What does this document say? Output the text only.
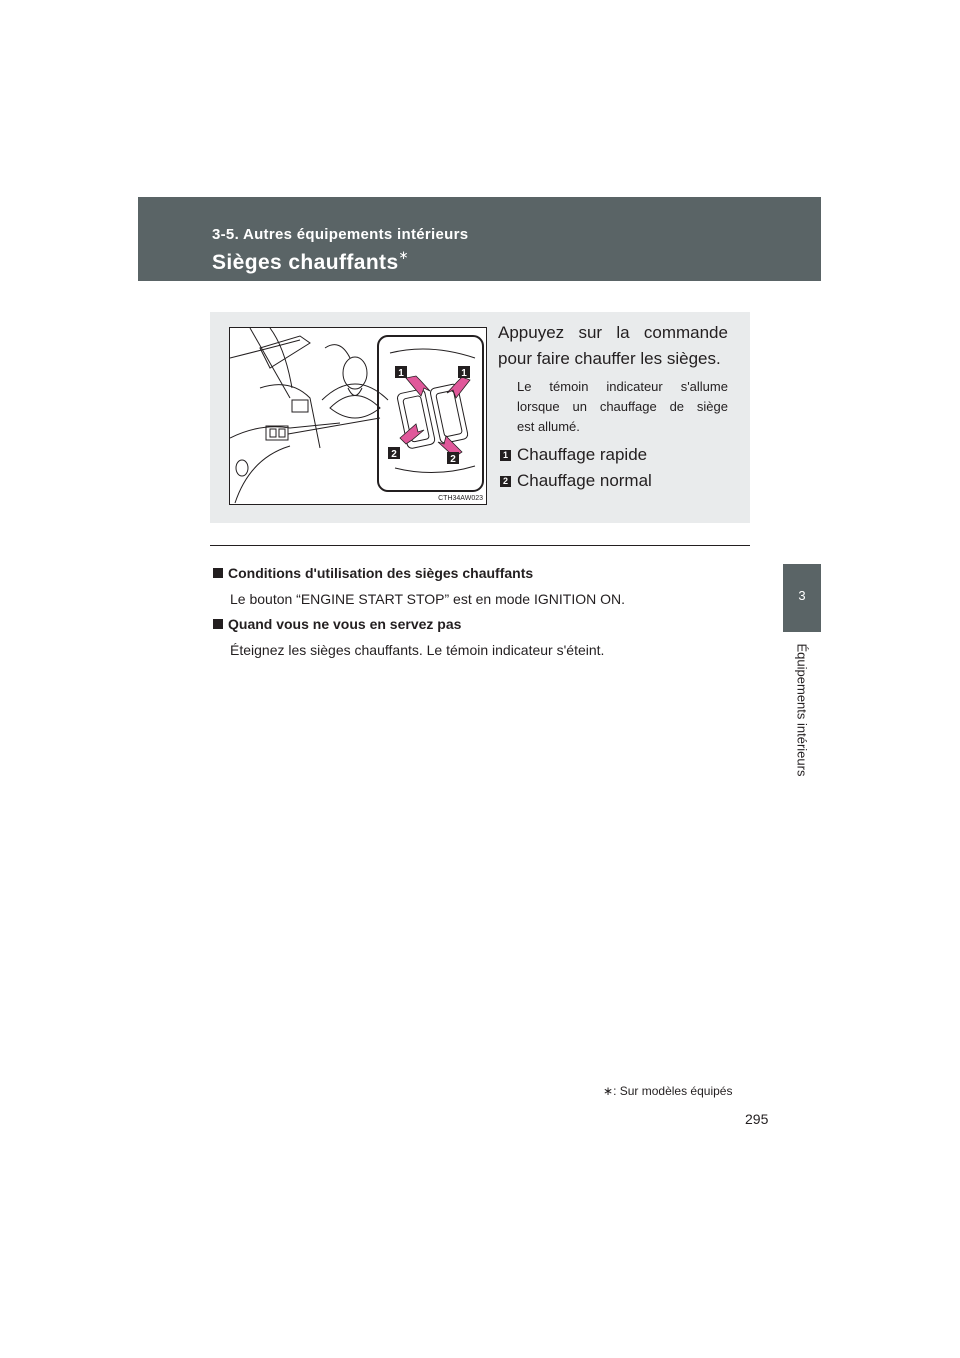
3-5. Autres équipements intérieurs
Sièges chauffants∗
3
Équipements intérieurs
1	1
2	2
CTH34AW023
Appuyez sur la commande
pour faire chauffer les sièges.
Le témoin indicateur s'allume
lorsque un chauffage de siège
est allumé.
1 Chauffage rapide
2 Chauffage normal
Conditions d'utilisation des sièges chauffants
Le bouton “ENGINE START STOP” est en mode IGNITION ON.
Quand vous ne vous en servez pas
Éteignez les sièges chauffants. Le témoin indicateur s'éteint.
∗: Sur modèles équipés
295
